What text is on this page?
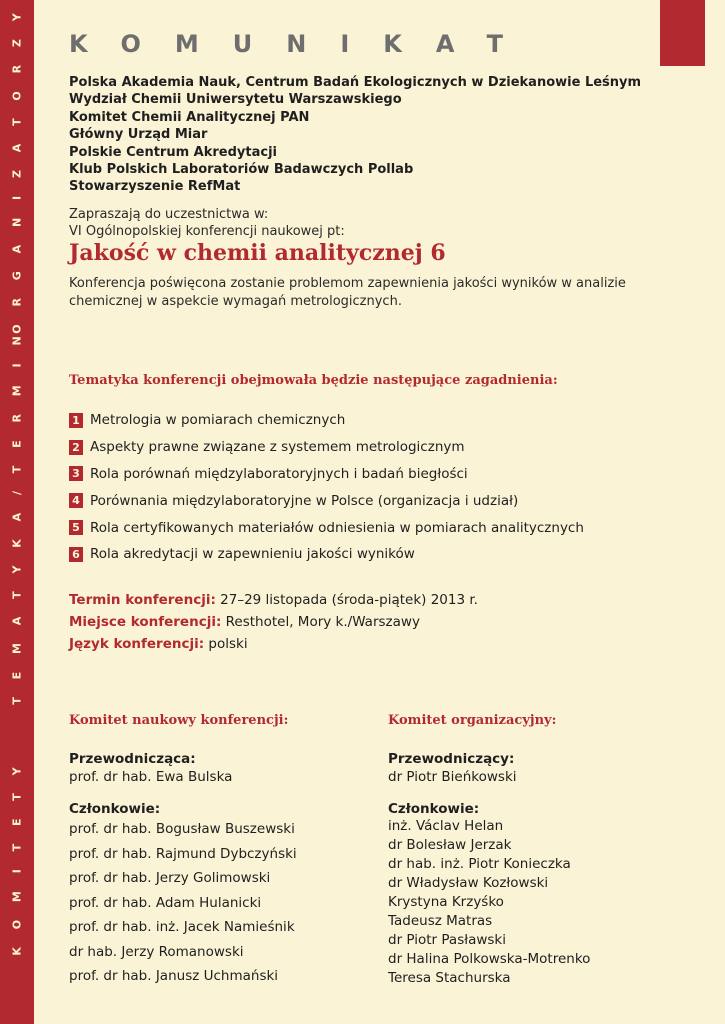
O R G A N I Z A T O R Z Y
T E M A T Y K A / T E R M I N
K O M I T E T Y
KOMUNIKAT
Polska Akademia Nauk, Centrum Badań Ekologicznych w Dziekanowie Leśnym
Wydział Chemii Uniwersytetu Warszawskiego
Komitet Chemii Analitycznej PAN
Główny Urząd Miar
Polskie Centrum Akredytacji
Klub Polskich Laboratoriów Badawczych Pollab
Stowarzyszenie RefMat
Zapraszają do uczestnictwa w:
VI Ogólnopolskiej konferencji naukowej pt:
Jakość w chemii analitycznej 6
Konferencja poświęcona zostanie problemom zapewnienia jakości wyników w analizie chemicznej w aspekcie wymagań metrologicznych.
Tematyka konferencji obejmowała będzie następujące zagadnienia:
1 Metrologia w pomiarach chemicznych
2 Aspekty prawne związane z systemem metrologicznym
3 Rola porównań międzylaboratoryjnych i badań biegłości
4 Porównania międzylaboratoryjne w Polsce (organizacja i udział)
5 Rola certyfikowanych materiałów odniesienia w pomiarach analitycznych
6 Rola akredytacji w zapewnieniu jakości wyników
Termin konferencji: 27–29 listopada (środa-piątek) 2013 r.
Miejsce konferencji: Resthotel, Mory k./Warszawy
Język konferencji: polski
Komitet naukowy konferencji:
Przewodnicząca:
prof. dr hab. Ewa Bulska
Członkowie:
prof. dr hab. Bogusław Buszewski
prof. dr hab. Rajmund Dybczyński
prof. dr hab. Jerzy Golimowski
prof. dr hab. Adam Hulanicki
prof. dr hab. inż. Jacek Namieśnik
dr hab. Jerzy Romanowski
prof. dr hab. Janusz Uchmański
Komitet organizacyjny:
Przewodniczący:
dr Piotr Bieńkowski
Członkowie:
inż. Václav Helan
dr Bolesław Jerzak
dr hab. inż. Piotr Konieczka
dr Władysław Kozłowski
Krystyna Krzyśko
Tadeusz Matras
dr Piotr Pasławski
dr Halina Polkowska-Motrenko
Teresa Stachurska
